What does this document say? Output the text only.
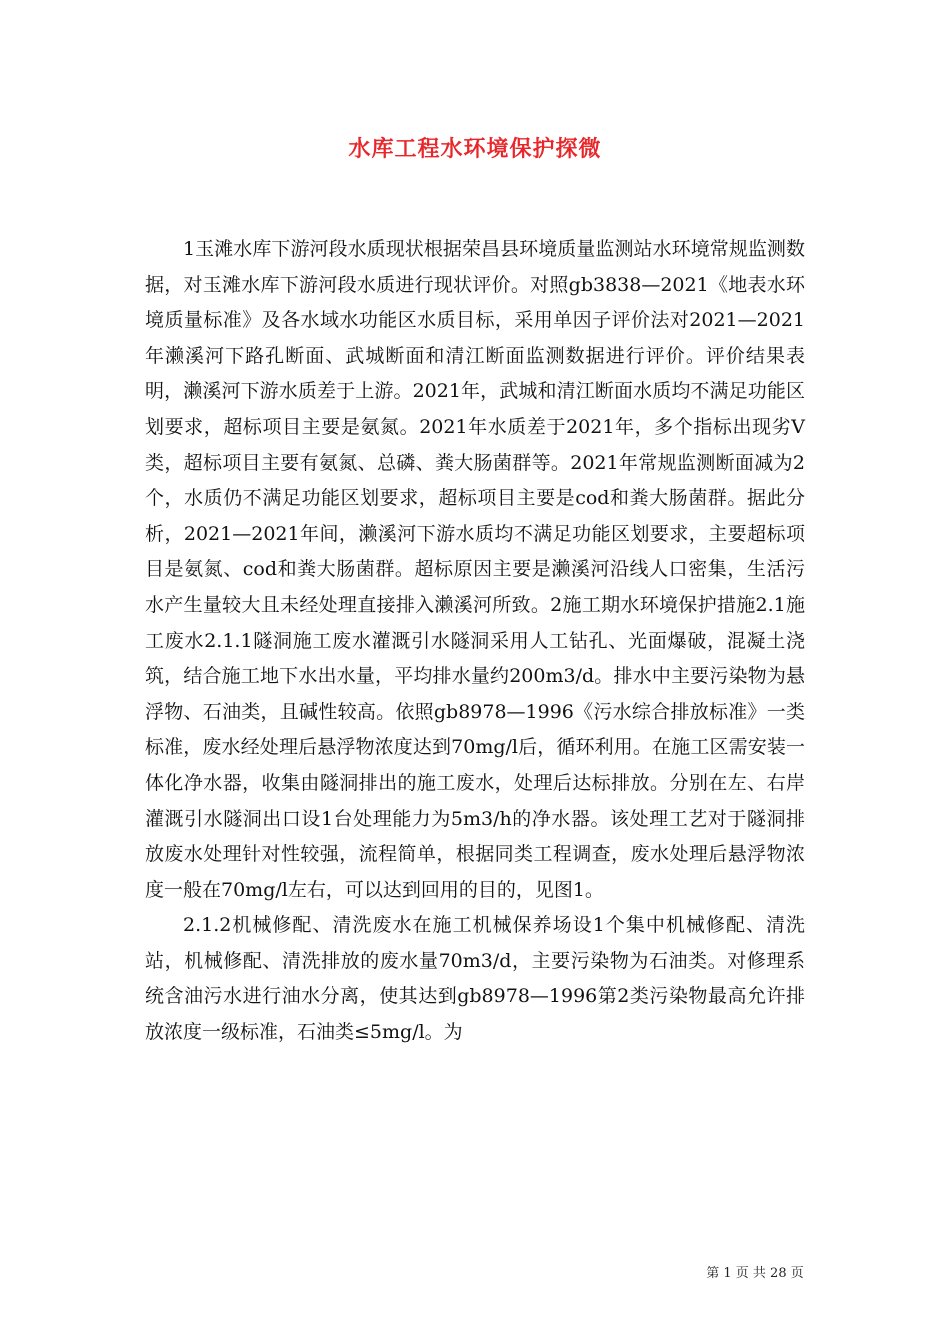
水库工程水环境保护探微

1玉滩水库下游河段水质现状根据荣昌县环境质量监测站水环境常规监测数据，对玉滩水库下游河段水质进行现状评价。对照gb3838—2021《地表水环境质量标准》及各水域水功能区水质目标，采用单因子评价法对2021—2021年濑溪河下路孔断面、武城断面和清江断面监测数据进行评价。评价结果表明，濑溪河下游水质差于上游。2021年，武城和清江断面水质均不满足功能区划要求，超标项目主要是氨氮。2021年水质差于2021年，多个指标出现劣Ⅴ类，超标项目主要有氨氮、总磷、粪大肠菌群等。2021年常规监测断面减为2个，水质仍不满足功能区划要求，超标项目主要是cod和粪大肠菌群。据此分析，2021—2021年间，濑溪河下游水质均不满足功能区划要求，主要超标项目是氨氮、cod和粪大肠菌群。超标原因主要是濑溪河沿线人口密集，生活污水产生量较大且未经处理直接排入濑溪河所致。2施工期水环境保护措施2.1施工废水2.1.1隧洞施工废水灌溉引水隧洞采用人工钻孔、光面爆破，混凝土浇筑，结合施工地下水出水量，平均排水量约200m3/d。排水中主要污染物为悬浮物、石油类，且碱性较高。依照gb8978—1996《污水综合排放标准》一类标准，废水经处理后悬浮物浓度达到70mg/l后，循环利用。在施工区需安装一体化净水器，收集由隧洞排出的施工废水，处理后达标排放。分别在左、右岸灌溉引水隧洞出口设1台处理能力为5m3/h的净水器。该处理工艺对于隧洞排放废水处理针对性较强，流程简单，根据同类工程调查，废水处理后悬浮物浓度一般在70mg/l左右，可以达到回用的目的，见图1。

2.1.2机械修配、清洗废水在施工机械保养场设1个集中机械修配、清洗站，机械修配、清洗排放的废水量70m3/d，主要污染物为石油类。对修理系统含油污水进行油水分离，使其达到gb8978—1996第2类污染物最高允许排放浓度一级标准，石油类≤5mg/l。为

第 1 页 共 28 页
